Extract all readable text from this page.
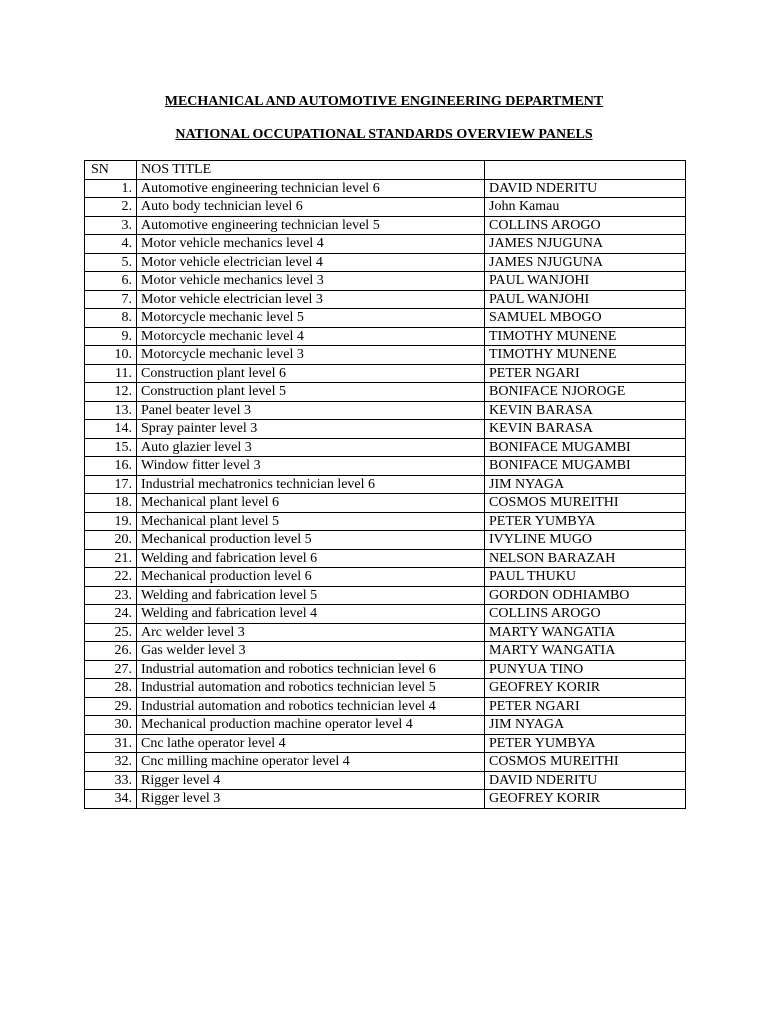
MECHANICAL AND AUTOMOTIVE ENGINEERING DEPARTMENT
NATIONAL OCCUPATIONAL STANDARDS OVERVIEW PANELS
SN	NOS TITLE	
1.	Automotive engineering technician level 6	DAVID NDERITU
2.	Auto body technician level 6	John Kamau
3.	Automotive engineering technician level 5	COLLINS AROGO
4.	Motor vehicle mechanics level 4	JAMES NJUGUNA
5.	Motor vehicle electrician level 4	JAMES NJUGUNA
6.	Motor vehicle mechanics level 3	PAUL WANJOHI
7.	Motor vehicle electrician level 3	PAUL WANJOHI
8.	Motorcycle mechanic level 5	SAMUEL MBOGO
9.	Motorcycle mechanic level 4	TIMOTHY MUNENE
10.	Motorcycle mechanic level 3	TIMOTHY MUNENE
11.	Construction plant level 6	PETER NGARI
12.	Construction plant level 5	BONIFACE NJOROGE
13.	Panel beater level 3	KEVIN BARASA
14.	Spray painter level 3	KEVIN BARASA
15.	Auto glazier level 3	BONIFACE MUGAMBI
16.	Window fitter level 3	BONIFACE MUGAMBI
17.	Industrial mechatronics technician level 6	JIM NYAGA
18.	Mechanical plant level 6	COSMOS MUREITHI
19.	Mechanical plant level 5	PETER YUMBYA
20.	Mechanical production level 5	IVYLINE MUGO
21.	Welding and fabrication level 6	NELSON BARAZAH
22.	Mechanical production level 6	PAUL THUKU
23.	Welding and fabrication level 5	GORDON ODHIAMBO
24.	Welding and fabrication level 4	COLLINS AROGO
25.	Arc welder level 3	MARTY WANGATIA
26.	Gas welder level 3	MARTY WANGATIA
27.	Industrial automation and robotics technician level 6	PUNYUA TINO
28.	Industrial automation and robotics technician level 5	GEOFREY KORIR
29.	Industrial automation and robotics technician level 4	PETER NGARI
30.	Mechanical production machine operator level 4	JIM NYAGA
31.	Cnc lathe operator level 4	PETER YUMBYA
32.	Cnc milling machine operator level 4	COSMOS MUREITHI
33.	Rigger level 4	DAVID NDERITU
34.	Rigger level 3	GEOFREY KORIR
